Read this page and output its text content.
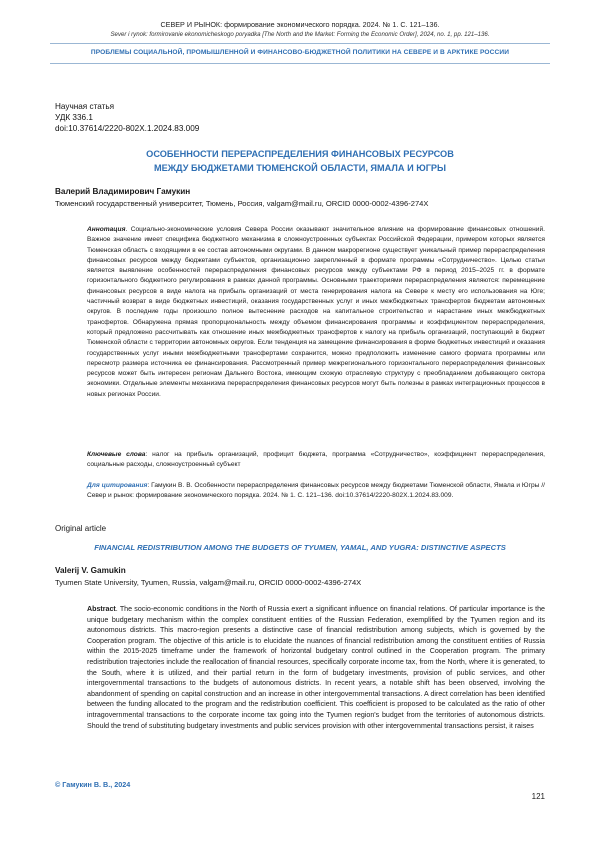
СЕВЕР И РЫНОК: формирование экономического порядка. 2024. № 1. С. 121–136.
Sever i rynok: formirovanie ekonomicheskogo poryadka [The North and the Market: Forming the Economic Order], 2024, no. 1, pp. 121–136.
ПРОБЛЕМЫ СОЦИАЛЬНОЙ, ПРОМЫШЛЕННОЙ И ФИНАНСОВО-БЮДЖЕТНОЙ ПОЛИТИКИ НА СЕВЕРЕ И В АРКТИКЕ РОССИИ
Научная статья
УДК 336.1
doi:10.37614/2220-802X.1.2024.83.009
ОСОБЕННОСТИ ПЕРЕРАСПРЕДЕЛЕНИЯ ФИНАНСОВЫХ РЕСУРСОВ
МЕЖДУ БЮДЖЕТАМИ ТЮМЕНСКОЙ ОБЛАСТИ, ЯМАЛА И ЮГРЫ
Валерий Владимирович Гамукин
Тюменский государственный университет, Тюмень, Россия, valgam@mail.ru, ORCID 0000-0002-4396-274X

Аннотация. Социально-экономические условия Севера России оказывают значительное влияние на формирование финансовых отношений. Важное значение имеет специфика бюджетного механизма в сложноустроенных субъектах Российской Федерации, примером которых является Тюменская область с входящими в ее состав автономными округами. В данном макрорегионе существует уникальный пример перераспределения финансовых ресурсов между бюджетами субъектов, организационно закрепленный в формате программы «Сотрудничество». Целью статьи является выявление особенностей перераспределения финансовых ресурсов между субъектами РФ в период 2015–2025 гг. в формате горизонтального бюджетного регулирования в рамках данной программы. Основными траекториями перераспределения являются: перемещение финансовых ресурсов в виде налога на прибыль организаций от места генерирования налога на Севере к месту его использования на Юге; частичный возврат в виде бюджетных инвестиций, оказания государственных услуг и иных межбюджетных трансфертов бюджетам автономных округов. В последние годы произошло полное вытеснение расходов на капитальное строительство и нарастание иных межбюджетных трансфертов. Обнаружена прямая пропорциональность между объемом финансирования программы и коэффициентом перераспределения, который предложено рассчитывать как отношение иных межбюджетных трансфертов к налогу на прибыль организаций, поступающий в бюджет Тюменской области с территории автономных округов. Если тенденция на замещение финансирования в форме бюджетных инвестиций и оказания государственных услуг иными межбюджетными трансфертами сохранится, можно предположить изменение самого формата программы или пересмотр размера источника ее финансирования. Рассмотренный пример межрегионального горизонтального перераспределения финансовых ресурсов может быть интересен регионам Дальнего Востока, имеющим схожую отраслевую структуру с преобладанием добывающего сектора экономики. Отдельные элементы механизма перераспределения финансовых ресурсов могут быть полезны в рамках интеграционных процессов в новых регионах России.

Ключевые слова: налог на прибыль организаций, профицит бюджета, программа «Сотрудничество», коэффициент перераспределения, социальные расходы, сложноустроенный субъект

Для цитирования: Гамукин В. В. Особенности перераспределения финансовых ресурсов между бюджетами Тюменской области, Ямала и Югры // Север и рынок: формирование экономического порядка. 2024. № 1. С. 121–136. doi:10.37614/2220-802X.1.2024.83.009.

Original article
FINANCIAL REDISTRIBUTION AMONG THE BUDGETS OF TYUMEN, YAMAL, AND YUGRA: DISTINCTIVE ASPECTS
Valerij V. Gamukin
Tyumen State University, Tyumen, Russia, valgam@mail.ru, ORCID 0000-0002-4396-274X

Abstract. The socio-economic conditions in the North of Russia exert a significant influence on financial relations. Of particular importance is the unique budgetary mechanism within the complex constituent entities of the Russian Federation, exemplified by the Tyumen region and its autonomous districts. This macro-region presents a distinctive case of financial redistribution among subjects, which is governed by the Cooperation program. The objective of this article is to elucidate the nuances of financial redistribution among the constituent entities of Russia within the 2015-2025 timeframe under the framework of horizontal budgetary control outlined in the Cooperation program. The primary redistribution trajectories include the reallocation of financial resources, specifically corporate income tax, from the North, where it is generated, to the South, where it is utilized, and their partial return in the form of budgetary investments, provision of public services, and other intergovernmental transactions to the budgets of autonomous districts. In recent years, a notable shift has been observed, involving the abandonment of spending on capital construction and an increase in other intergovernmental transactions. A direct correlation has been identified between the funding allocated to the program and the redistribution coefficient. This coefficient is proposed to be calculated as the ratio of other intragovernmental transactions to the corporate income tax going into the Tyumen region's budget from the territories of autonomous districts. Should the trend of substituting budgetary investments and public services provision with other intergovernmental transactions persist, it raises

© Гамукин В. В., 2024
121
